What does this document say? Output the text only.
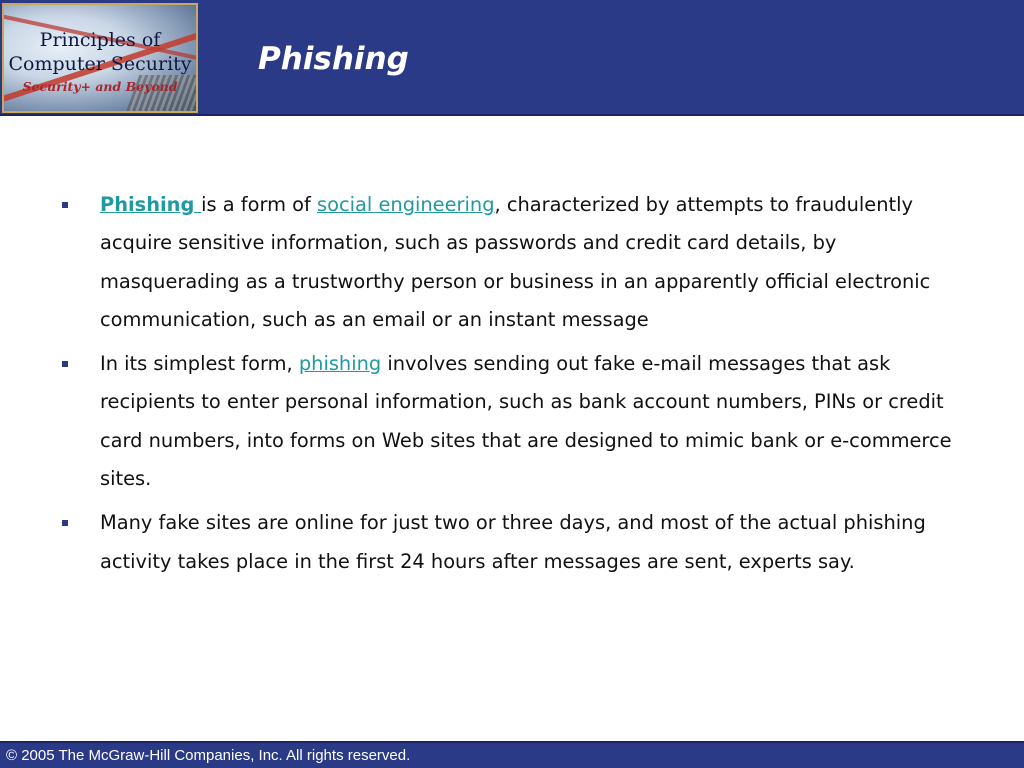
Principles of
Computer Security
Security+ and Beyond
Phishing
Phishing is a form of social engineering, characterized by attempts to fraudulently acquire sensitive information, such as passwords and credit card details, by masquerading as a trustworthy person or business in an apparently official electronic communication, such as an email or an instant message
In its simplest form, phishing involves sending out fake e-mail messages that ask recipients to enter personal information, such as bank account numbers, PINs or credit card numbers, into forms on Web sites that are designed to mimic bank or e-commerce sites.
Many fake sites are online for just two or three days, and most of the actual phishing activity takes place in the first 24 hours after messages are sent, experts say.
© 2005 The McGraw-Hill Companies, Inc. All rights reserved.
